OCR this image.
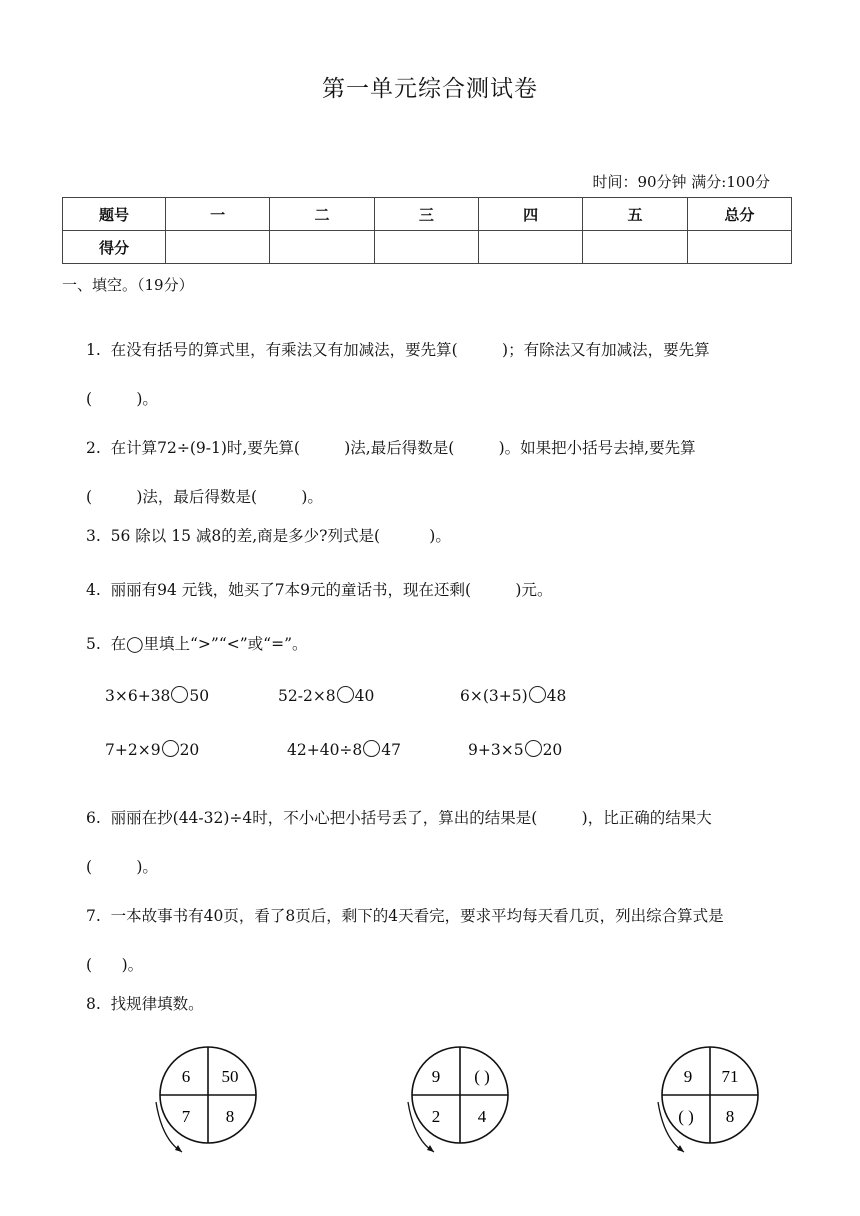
第一单元综合测试卷
时间：90分钟 满分:100分
题号	一	二	三	四	五	总分
得分						
一、填空。（19分）
1.  在没有括号的算式里，有乘法又有加减法，要先算(         )；有除法又有加减法，要先算
(         )。
2.  在计算72÷(9-1)时,要先算(         )法,最后得数是(         )。如果把小括号去掉,要先算
(         )法，最后得数是(         )。
3.  56 除以 15 减8的差,商是多少?列式是(          )。
4.  丽丽有94 元钱，她买了7本9元的童话书，现在还剩(         )元。
5.  在◯里填上“>”“<”或“=”。
3×6+38 50	52-2×8 40	6×(3+5) 48
7+2×9 20	42+40÷8 47	9+3×5 20
6.  丽丽在抄(44-32)÷4时，不小心把小括号丢了，算出的结果是(         )，比正确的结果大
(         )。
7.  一本故事书有40页，看了8页后，剩下的4天看完，要求平均每天看几页，列出综合算式是
(      )。
8.  找规律填数。
6 50
7 8
9 ( )
2 4
9 71
( ) 8
